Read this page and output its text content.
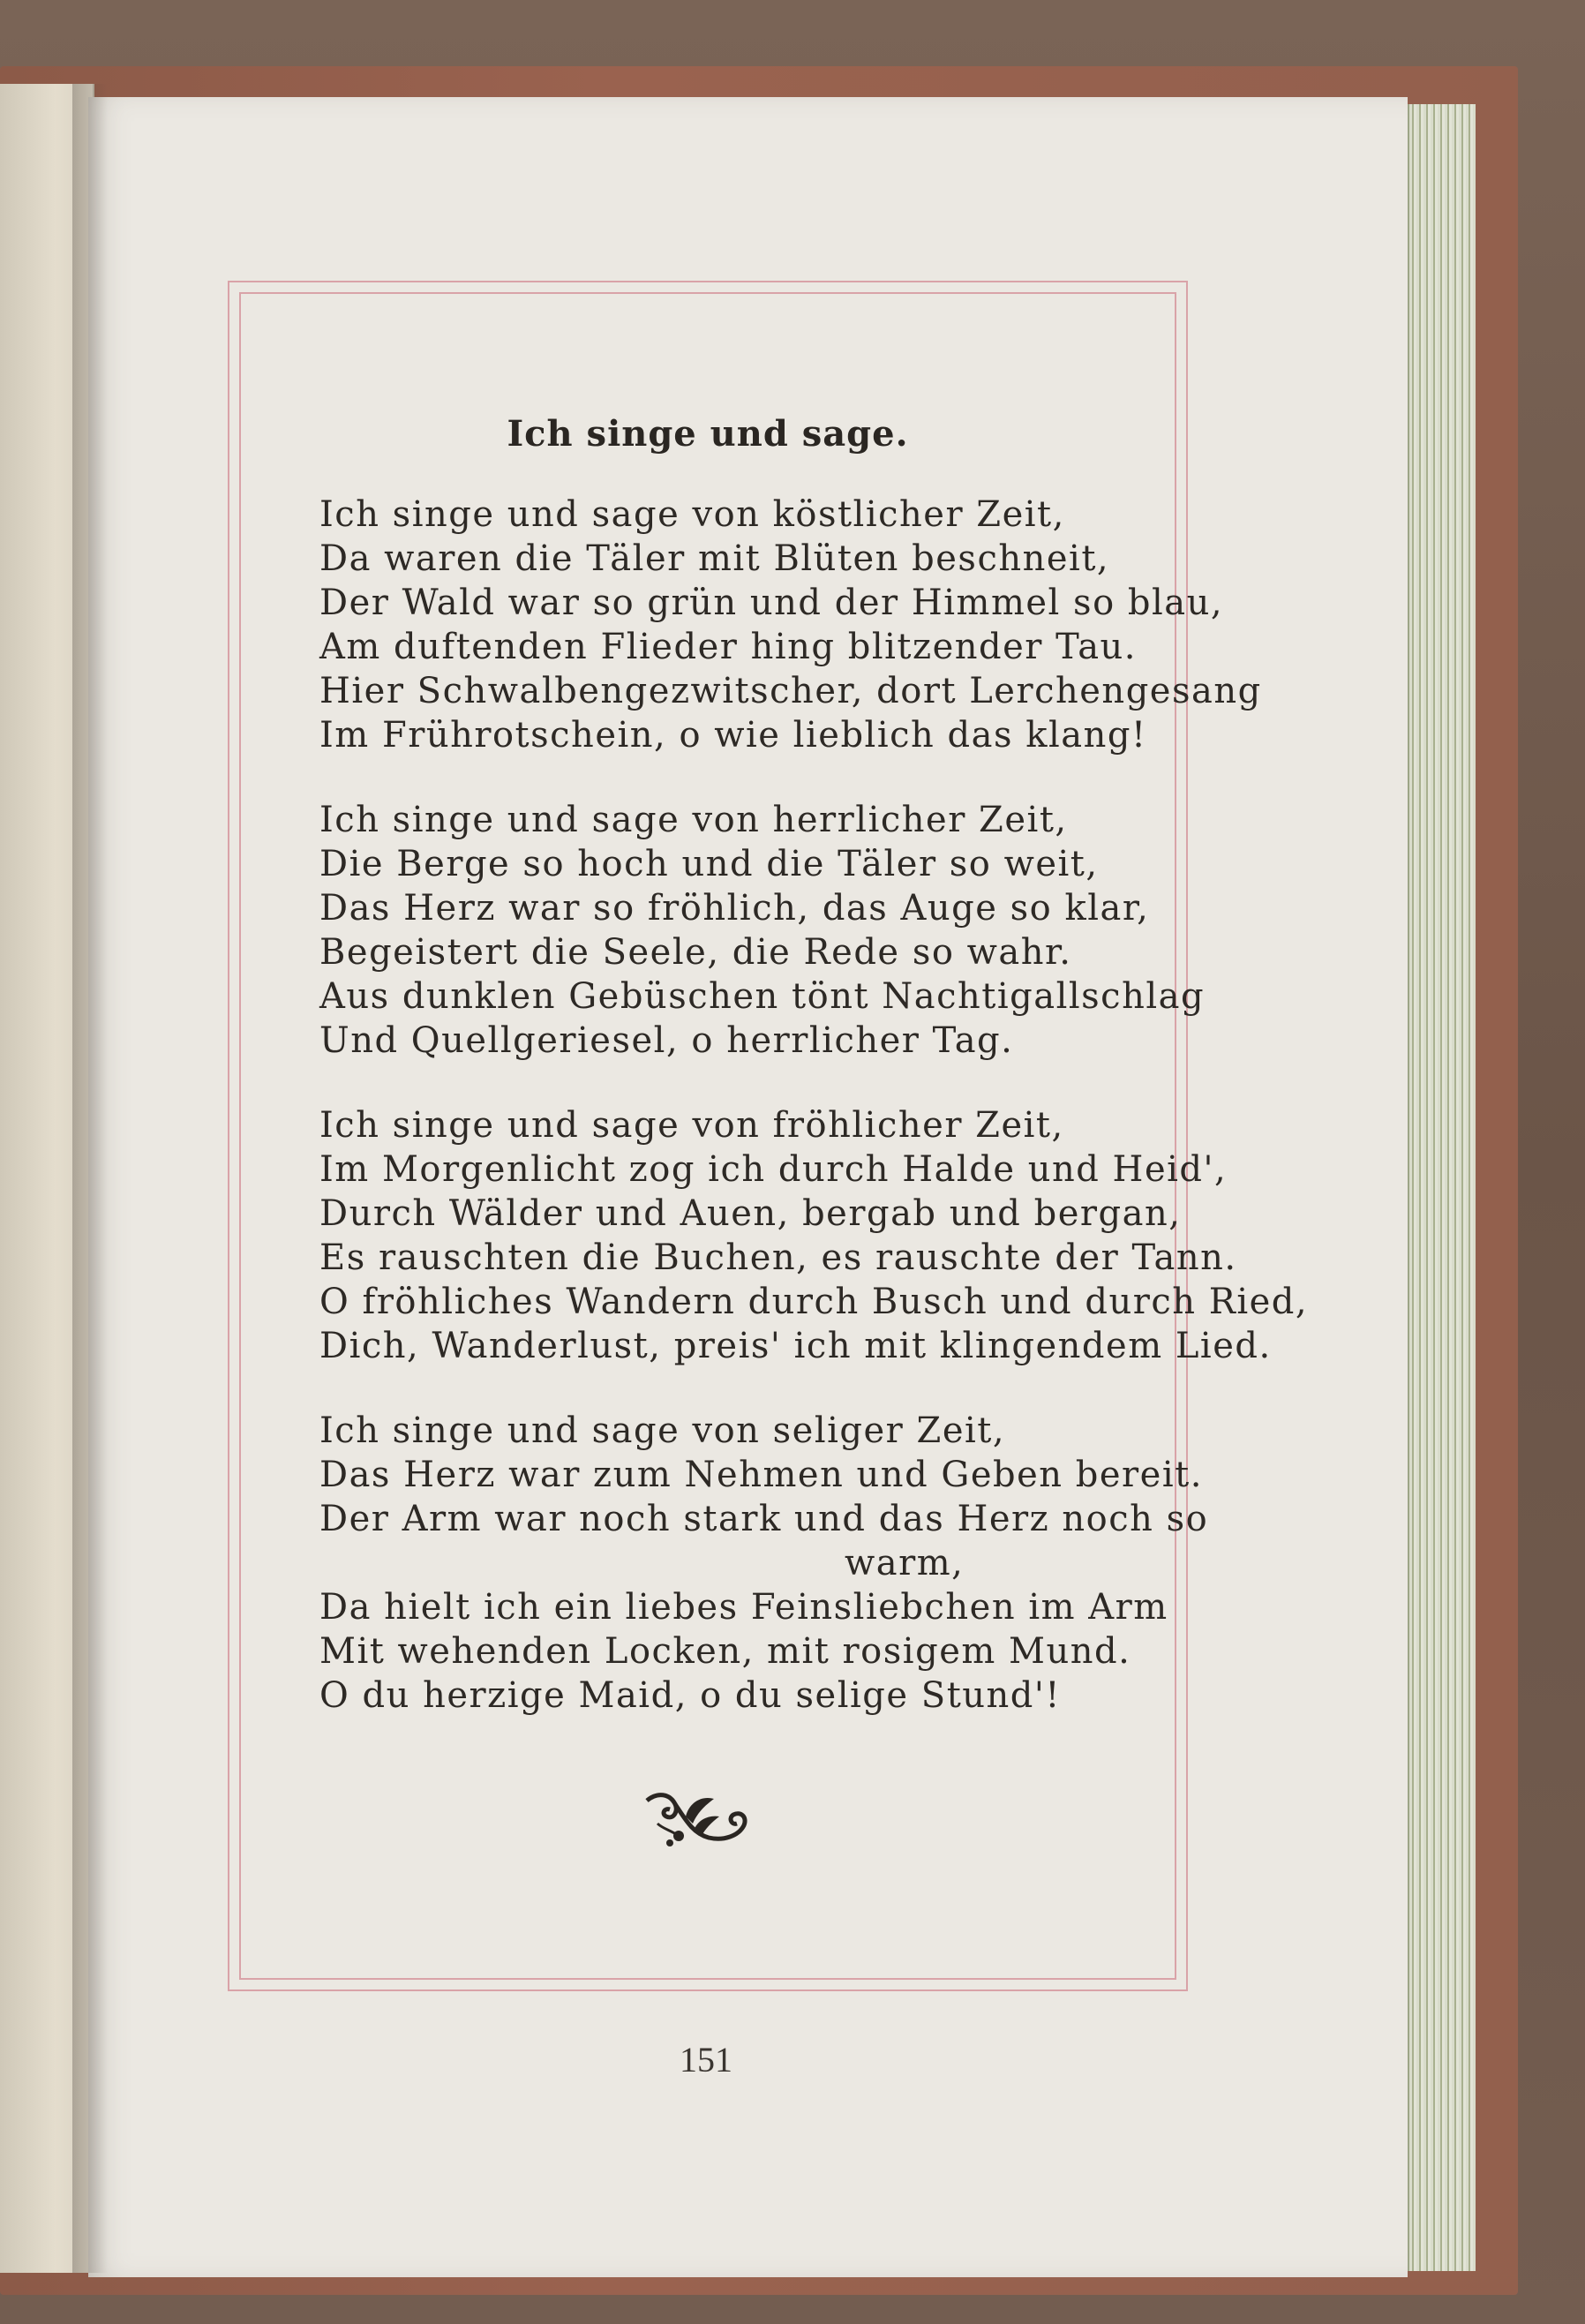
Ich singe und sage.
Ich singe und sage von köstlicher Zeit,
Da waren die Täler mit Blüten beschneit,
Der Wald war so grün und der Himmel so blau,
Am duftenden Flieder hing blitzender Tau.
Hier Schwalbengezwitscher, dort Lerchengesang
Im Frührotschein, o wie lieblich das klang!
Ich singe und sage von herrlicher Zeit,
Die Berge so hoch und die Täler so weit,
Das Herz war so fröhlich, das Auge so klar,
Begeistert die Seele, die Rede so wahr.
Aus dunklen Gebüschen tönt Nachtigallschlag
Und Quellgeriesel, o herrlicher Tag.
Ich singe und sage von fröhlicher Zeit,
Im Morgenlicht zog ich durch Halde und Heid',
Durch Wälder und Auen, bergab und bergan,
Es rauschten die Buchen, es rauschte der Tann.
O fröhliches Wandern durch Busch und durch Ried,
Dich, Wanderlust, preis' ich mit klingendem Lied.
Ich singe und sage von seliger Zeit,
Das Herz war zum Nehmen und Geben bereit.
Der Arm war noch stark und das Herz noch so
warm,
Da hielt ich ein liebes Feinsliebchen im Arm
Mit wehenden Locken, mit rosigem Mund.
O du herzige Maid, o du selige Stund'!
151
